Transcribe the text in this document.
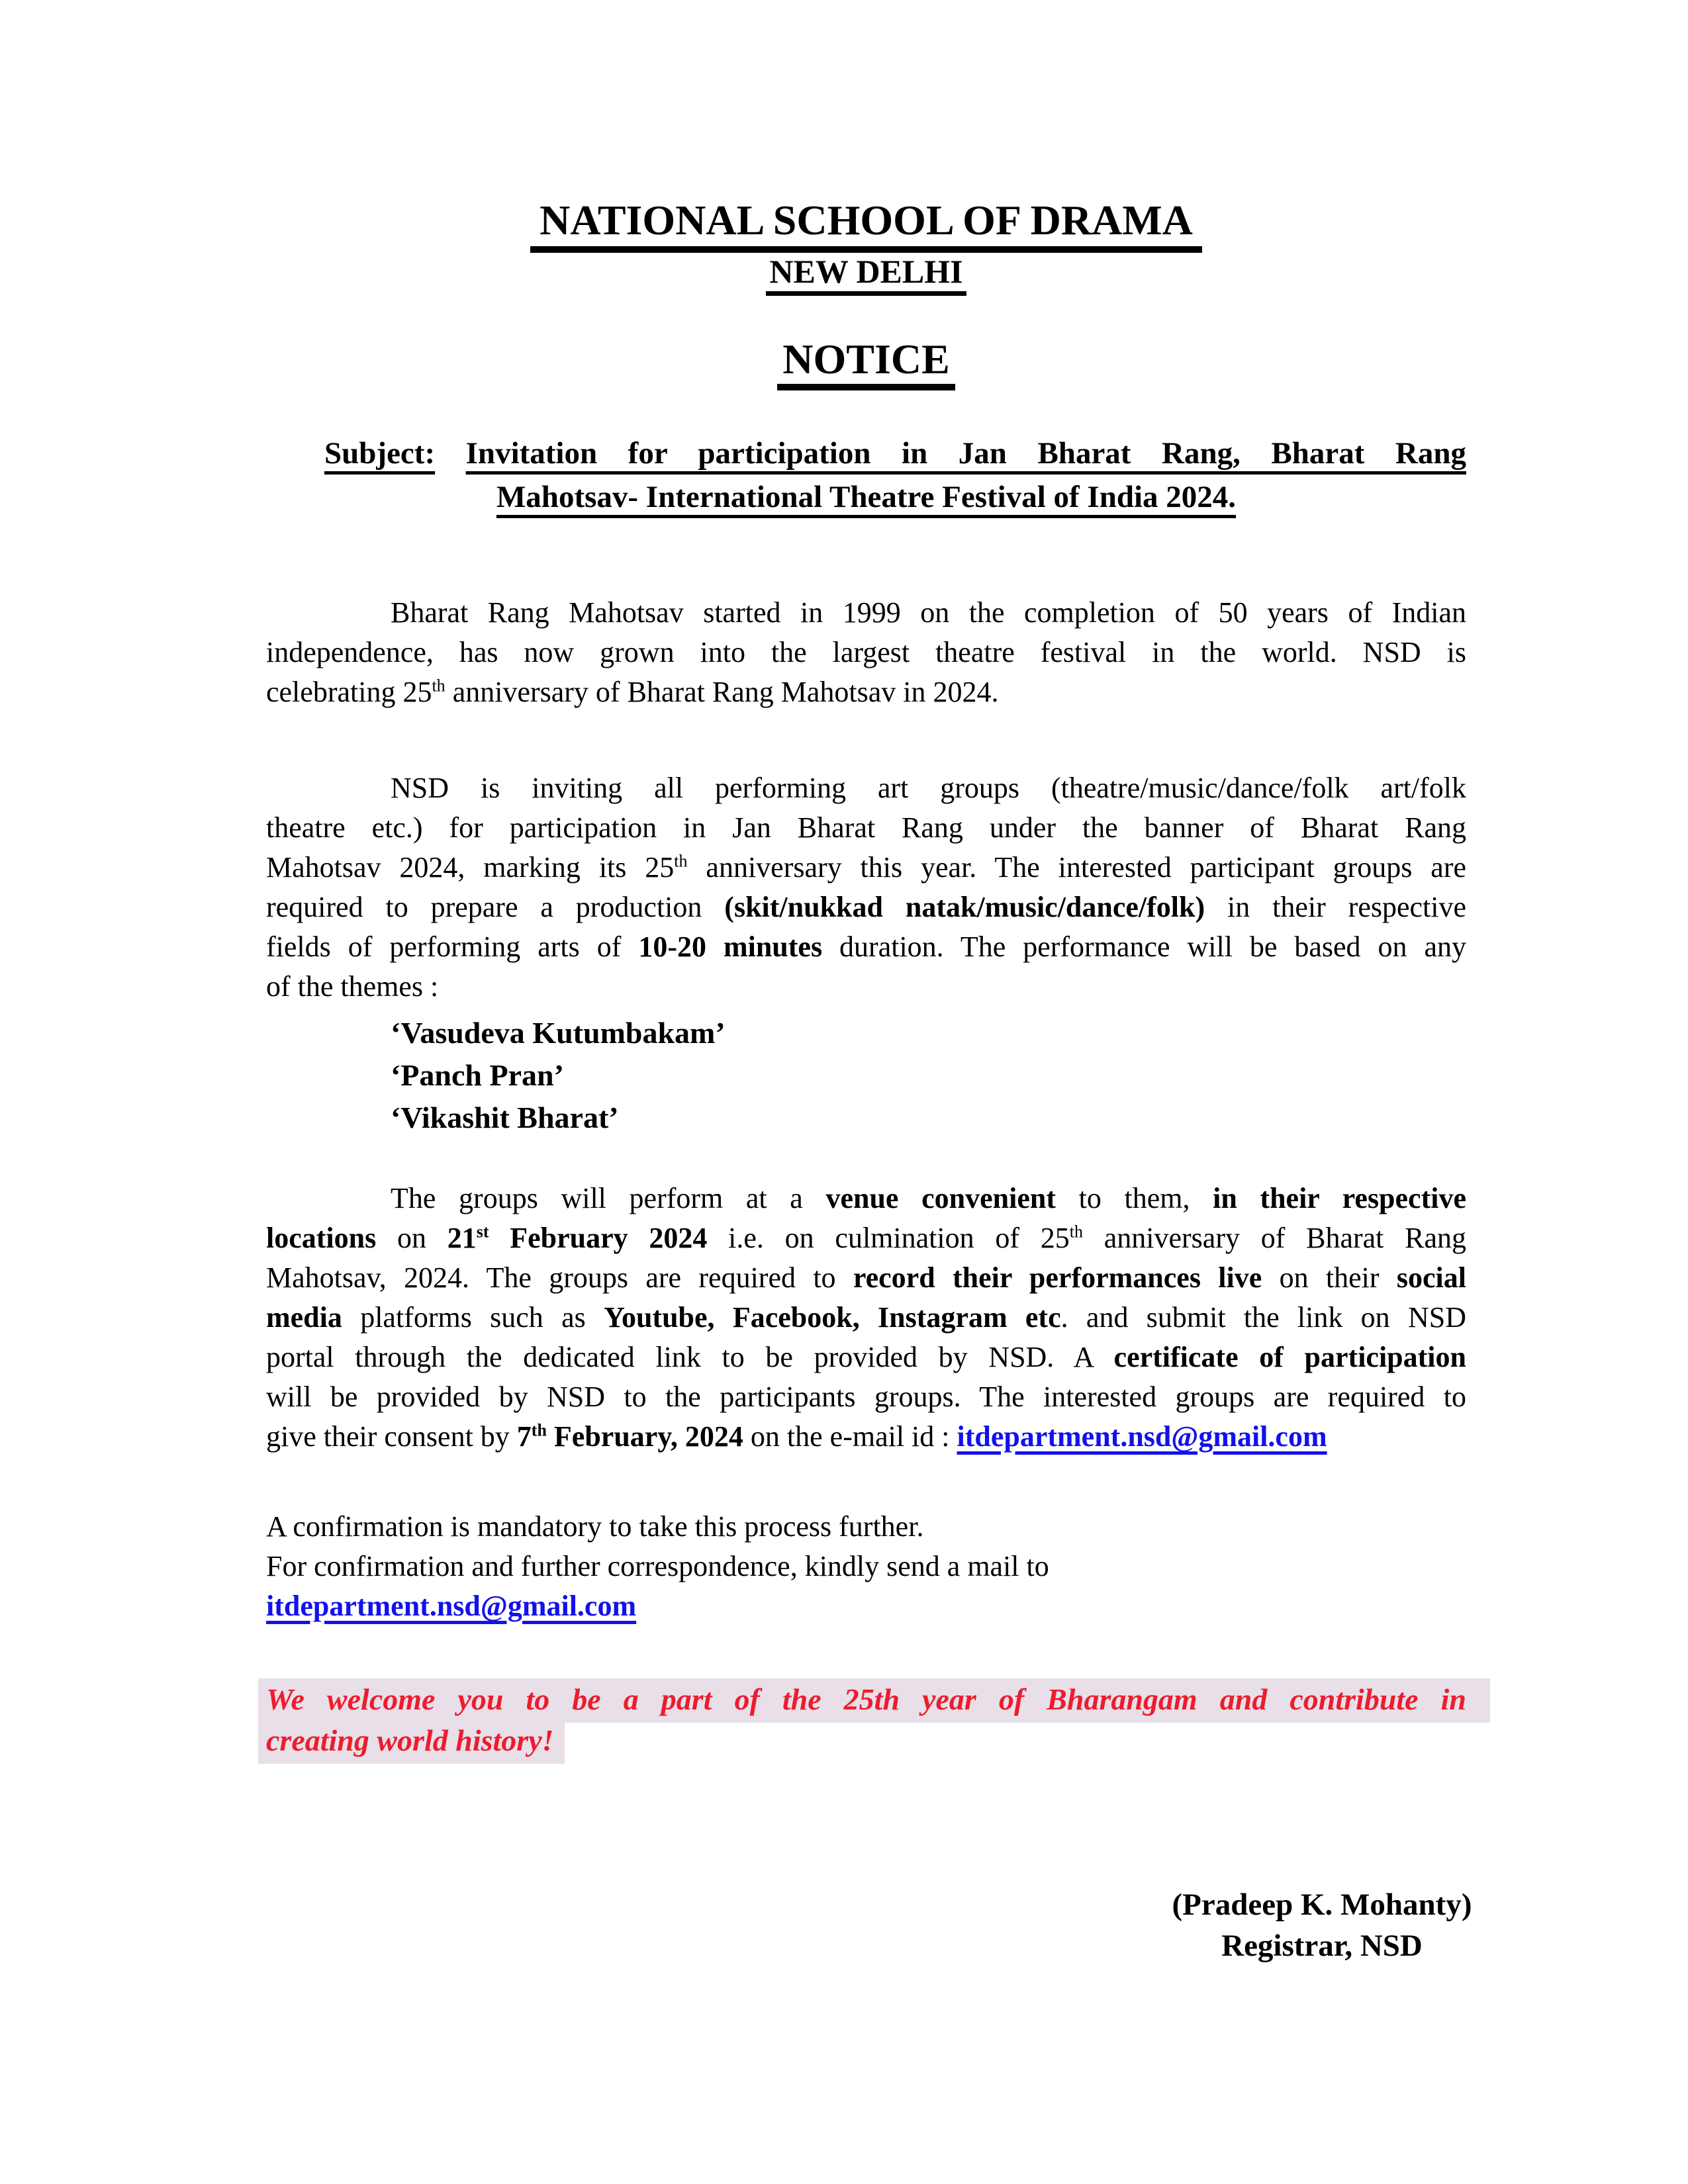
NATIONAL SCHOOL OF DRAMA
NEW DELHI
NOTICE
Subject: Invitation for participation in Jan Bharat Rang, Bharat Rang
Mahotsav- International Theatre Festival of India 2024.
Bharat Rang Mahotsav started in 1999 on the completion of 50 years of Indian
independence, has now grown into the largest theatre festival in the world. NSD is
celebrating 25th anniversary of Bharat Rang Mahotsav in 2024.
NSD is inviting all performing art groups (theatre/music/dance/folk art/folk
theatre etc.) for participation in Jan Bharat Rang under the banner of Bharat Rang
Mahotsav 2024, marking its 25th anniversary this year. The interested participant groups are
required to prepare a production (skit/nukkad natak/music/dance/folk) in their respective
fields of performing arts of 10-20 minutes duration. The performance will be based on any
of the themes :
‘Vasudeva Kutumbakam’
‘Panch Pran’
‘Vikashit Bharat’
The groups will perform at a venue convenient to them, in their respective
locations on 21st February 2024 i.e. on culmination of 25th anniversary of Bharat Rang
Mahotsav, 2024. The groups are required to record their performances live on their social
media platforms such as Youtube, Facebook, Instagram etc. and submit the link on NSD
portal through the dedicated link to be provided by NSD. A certificate of participation
will be provided by NSD to the participants groups. The interested groups are required to
give their consent by 7th February, 2024 on the e-mail id : itdepartment.nsd@gmail.com
A confirmation is mandatory to take this process further.
For confirmation and further correspondence, kindly send a mail to
itdepartment.nsd@gmail.com
We welcome you to be a part of the 25th year of Bharangam and contribute in
creating world history!
(Pradeep K. Mohanty)
Registrar, NSD
